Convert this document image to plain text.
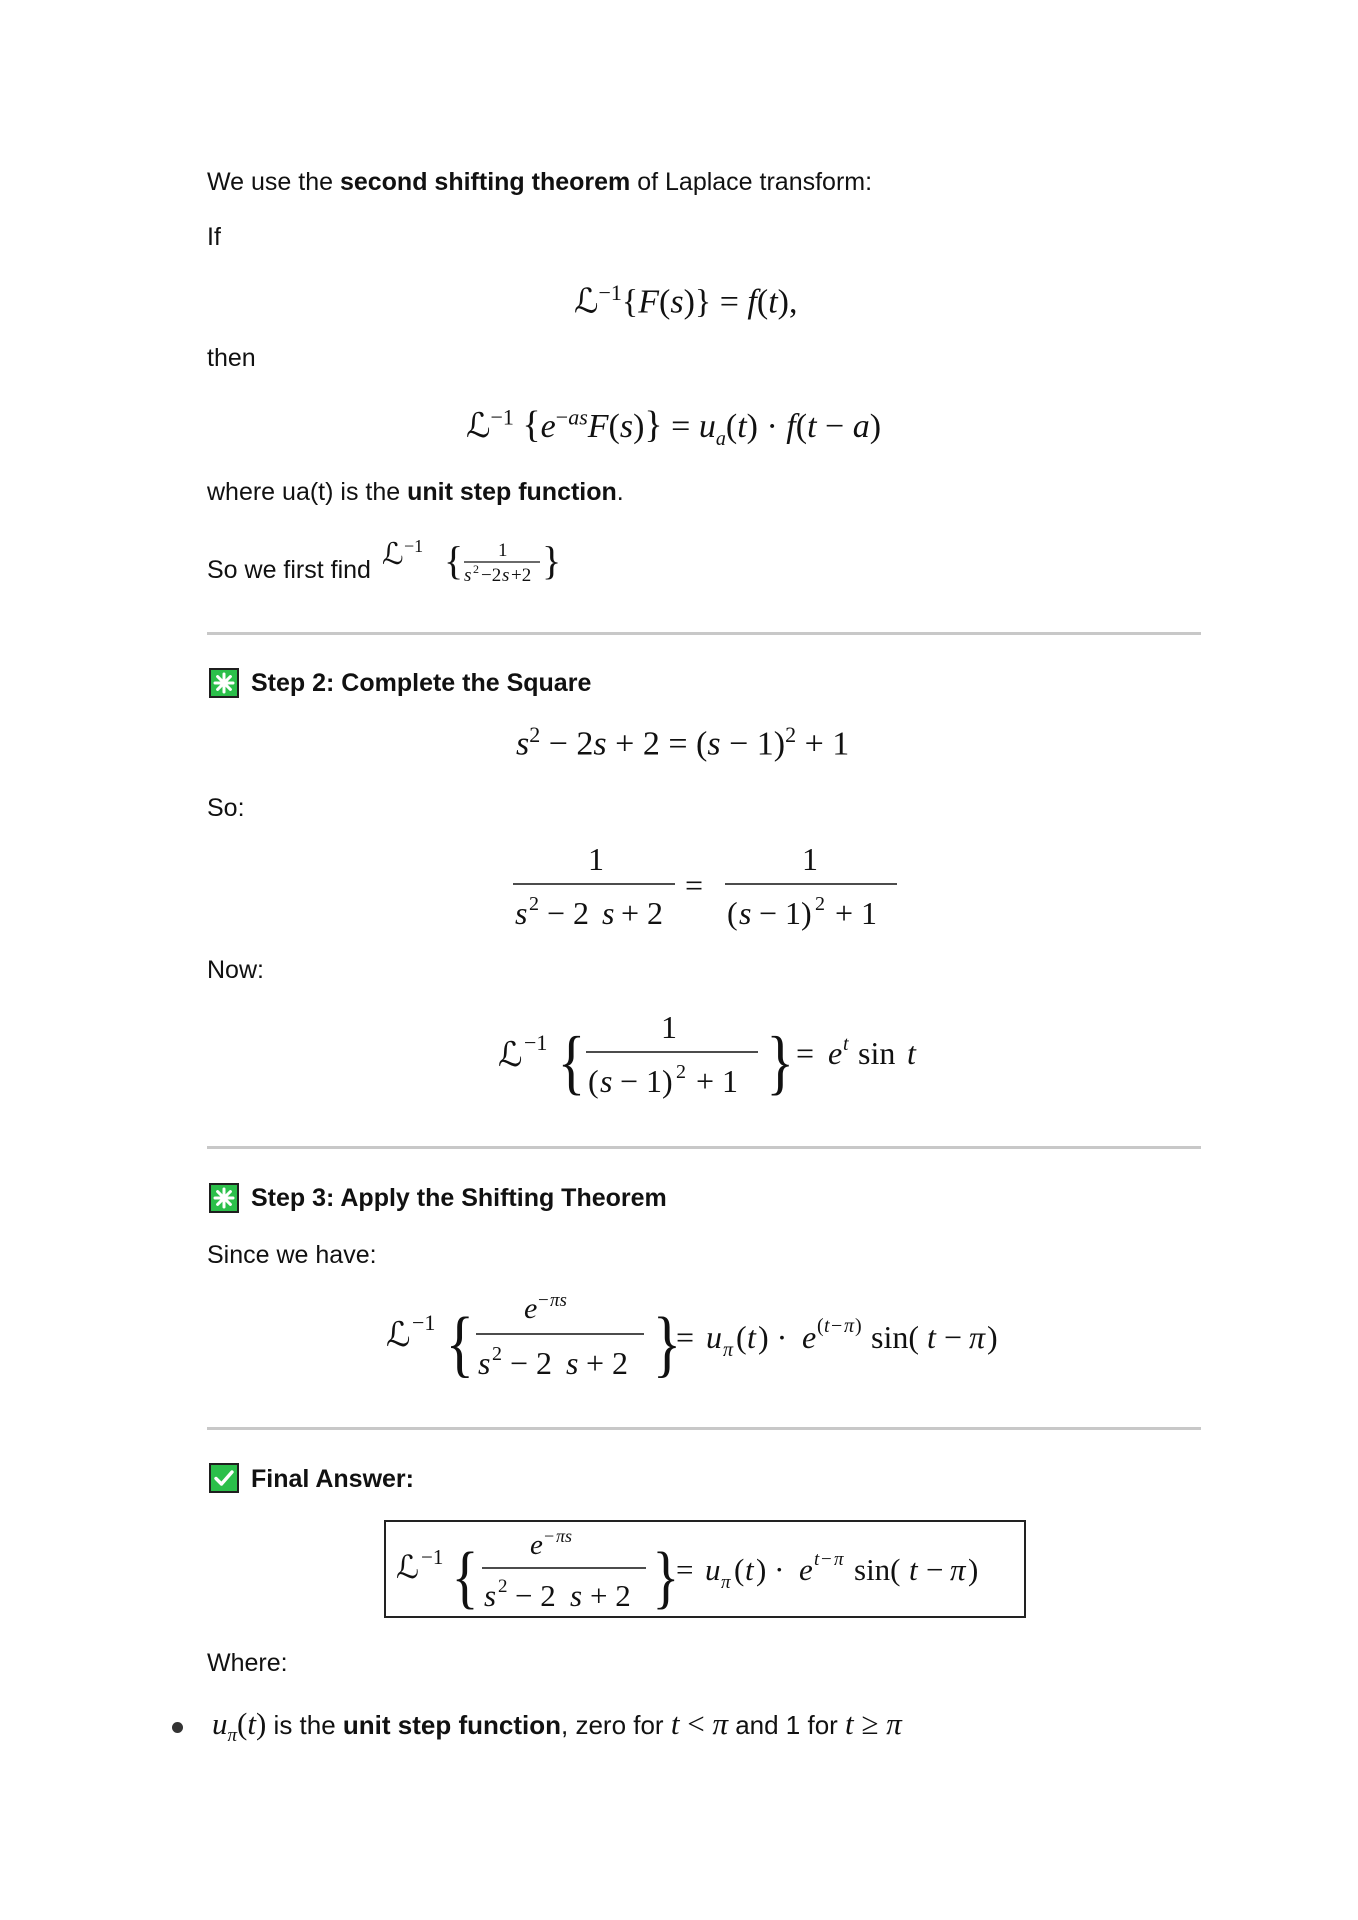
We use the second shifting theorem of Laplace transform:
If
ℒ$^{-1}${F(s)} = f(t),
then
ℒ$^{-1}$ $\{e^{-as}F(s)\} = u_a(t) \cdot f(t - a)$
where ua(t) is the unit step function.
So we first find ℒ −1 { 1
s 2 −2 s +2 }
Step 2: Complete the Square
$s^2 - 2s + 2 = (s - 1)^2 + 1$
So:
1
s 2 − 2 s + 2
=
1
( s − 1) 2 + 1
Now:
ℒ −1 { 1
( s − 1) 2 + 1 } = e t sin t
Step 3: Apply the Shifting Theorem
Since we have:
ℒ −1 { e − πs
s 2 − 2 s + 2 }
= u π ( t ) · e ( t − π ) sin( t − π )
Final Answer:
ℒ −1 { e − πs
s 2 − 2 s + 2 }
= u π ( t ) · e t − π sin( t − π )
Where:
$u_\pi(t)$ is the unit step function, zero for t < π and 1 for t ≥ π
